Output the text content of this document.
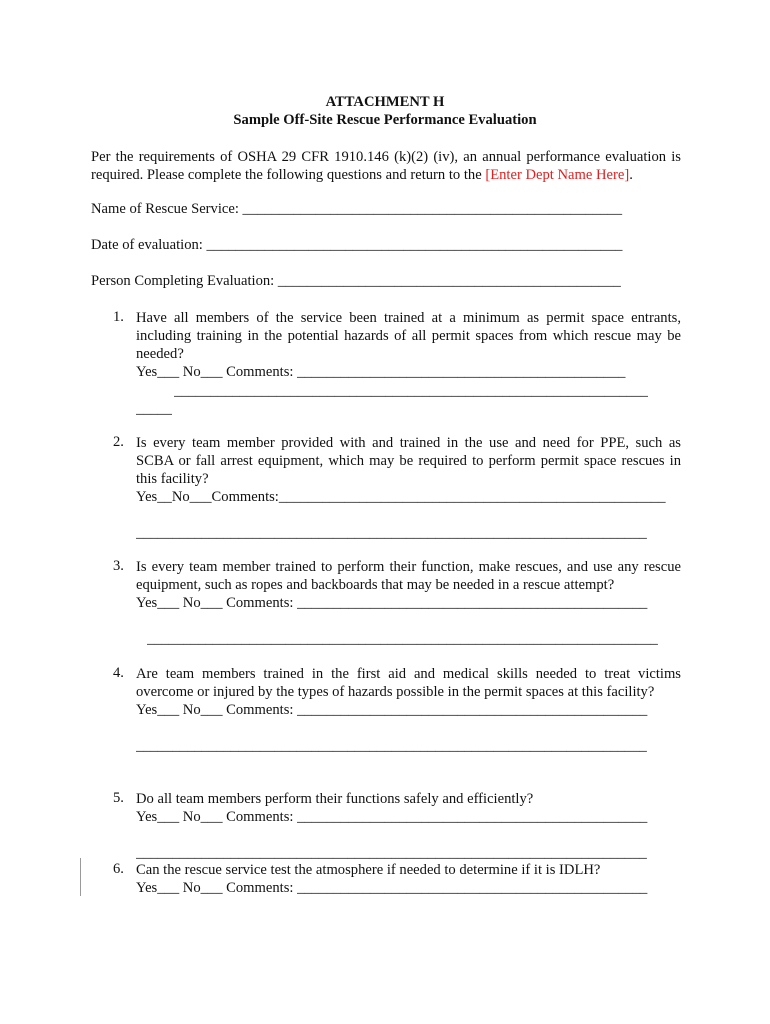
ATTACHMENT H
Sample Off-Site Rescue Performance Evaluation
Per the requirements of OSHA 29 CFR 1910.146 (k)(2) (iv), an annual performance evaluation is
required. Please complete the following questions and return to the [Enter Dept Name Here].
Name of Rescue Service: ____________________________________________________
Date of evaluation: _________________________________________________________
Person Completing Evaluation: _______________________________________________
1. Have all members of the service been trained at a minimum as permit space entrants,
including training in the potential hazards of all permit spaces from which rescue may be
needed?
Yes___ No___ Comments: _____________________________________________
_________________________________________________________________
_____
2. Is every team member provided with and trained in the use and need for PPE, such as
SCBA or fall arrest equipment, which may be required to perform permit space rescues in
this facility?
Yes__No___Comments:_____________________________________________________
______________________________________________________________________
3. Is every team member trained to perform their function, make rescues, and use any rescue
equipment, such as ropes and backboards that may be needed in a rescue attempt?
Yes___ No___ Comments: ________________________________________________
______________________________________________________________________
4. Are team members trained in the first aid and medical skills needed to treat victims
overcome or injured by the types of hazards possible in the permit spaces at this facility?
Yes___ No___ Comments: ________________________________________________
______________________________________________________________________
5. Do all team members perform their functions safely and efficiently?
Yes___ No___ Comments: ________________________________________________
______________________________________________________________________
6. Can the rescue service test the atmosphere if needed to determine if it is IDLH?
Yes___ No___ Comments: ________________________________________________
